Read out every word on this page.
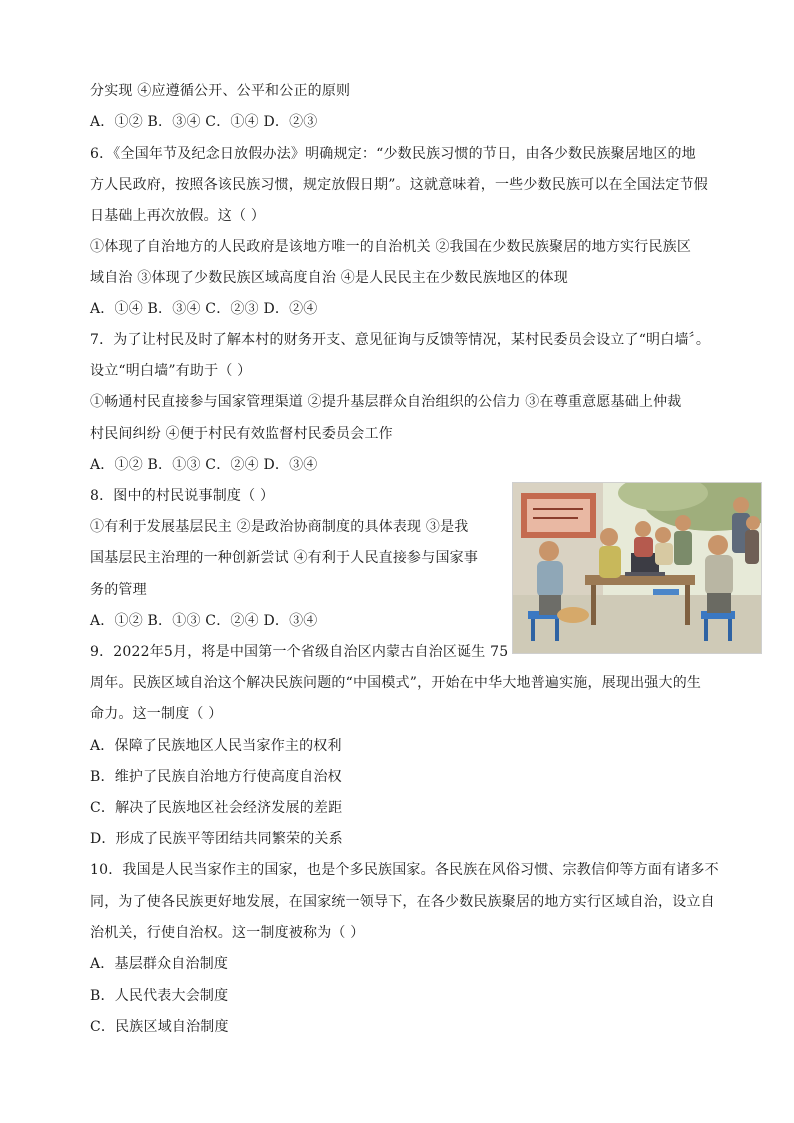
分实现 ④应遵循公开、公平和公正的原则
A．①② B．③④ C．①④ D．②③
6．《全国年节及纪念日放假办法》明确规定：“少数民族习惯的节日，由各少数民族聚居地区的地
方人民政府，按照各该民族习惯，规定放假日期”。这就意味着，一些少数民族可以在全国法定节假
日基础上再次放假。这（ ）
①体现了自治地方的人民政府是该地方唯一的自治机关 ②我国在少数民族聚居的地方实行民族区
域自治 ③体现了少数民族区域高度自治 ④是人民民主在少数民族地区的体现
A．①④ B．③④ C．②③ D．②④
7．为了让村民及时了解本村的财务开支、意见征询与反馈等情况，某村民委员会设立了“明白墙〞。
设立“明白墙”有助于（ ）
①畅通村民直接参与国家管理渠道 ②提升基层群众自治组织的公信力 ③在尊重意愿基础上仲裁
村民间纠纷 ④便于村民有效监督村民委员会工作
A．①② B．①③ C．②④ D．③④
8．图中的村民说事制度（ ）
①有利于发展基层民主 ②是政治协商制度的具体表现 ③是我
国基层民主治理的一种创新尝试 ④有利于人民直接参与国家事
务的管理
A．①② B．①③ C．②④ D．③④
9．2022年5月，将是中国第一个省级自治区内蒙古自治区诞生 75
周年。民族区域自治这个解决民族问题的“中国模式”，开始在中华大地普遍实施，展现出强大的生
命力。这一制度（ ）
A．保障了民族地区人民当家作主的权利
B．维护了民族自治地方行使高度自治权
C．解决了民族地区社会经济发展的差距
D．形成了民族平等团结共同繁荣的关系
10．我国是人民当家作主的国家，也是个多民族国家。各民族在风俗习惯、宗教信仰等方面有诸多不
同，为了使各民族更好地发展，在国家统一领导下，在各少数民族聚居的地方实行区域自治，设立自
治机关，行使自治权。这一制度被称为（ ）
A．基层群众自治制度
B．人民代表大会制度
C．民族区域自治制度
